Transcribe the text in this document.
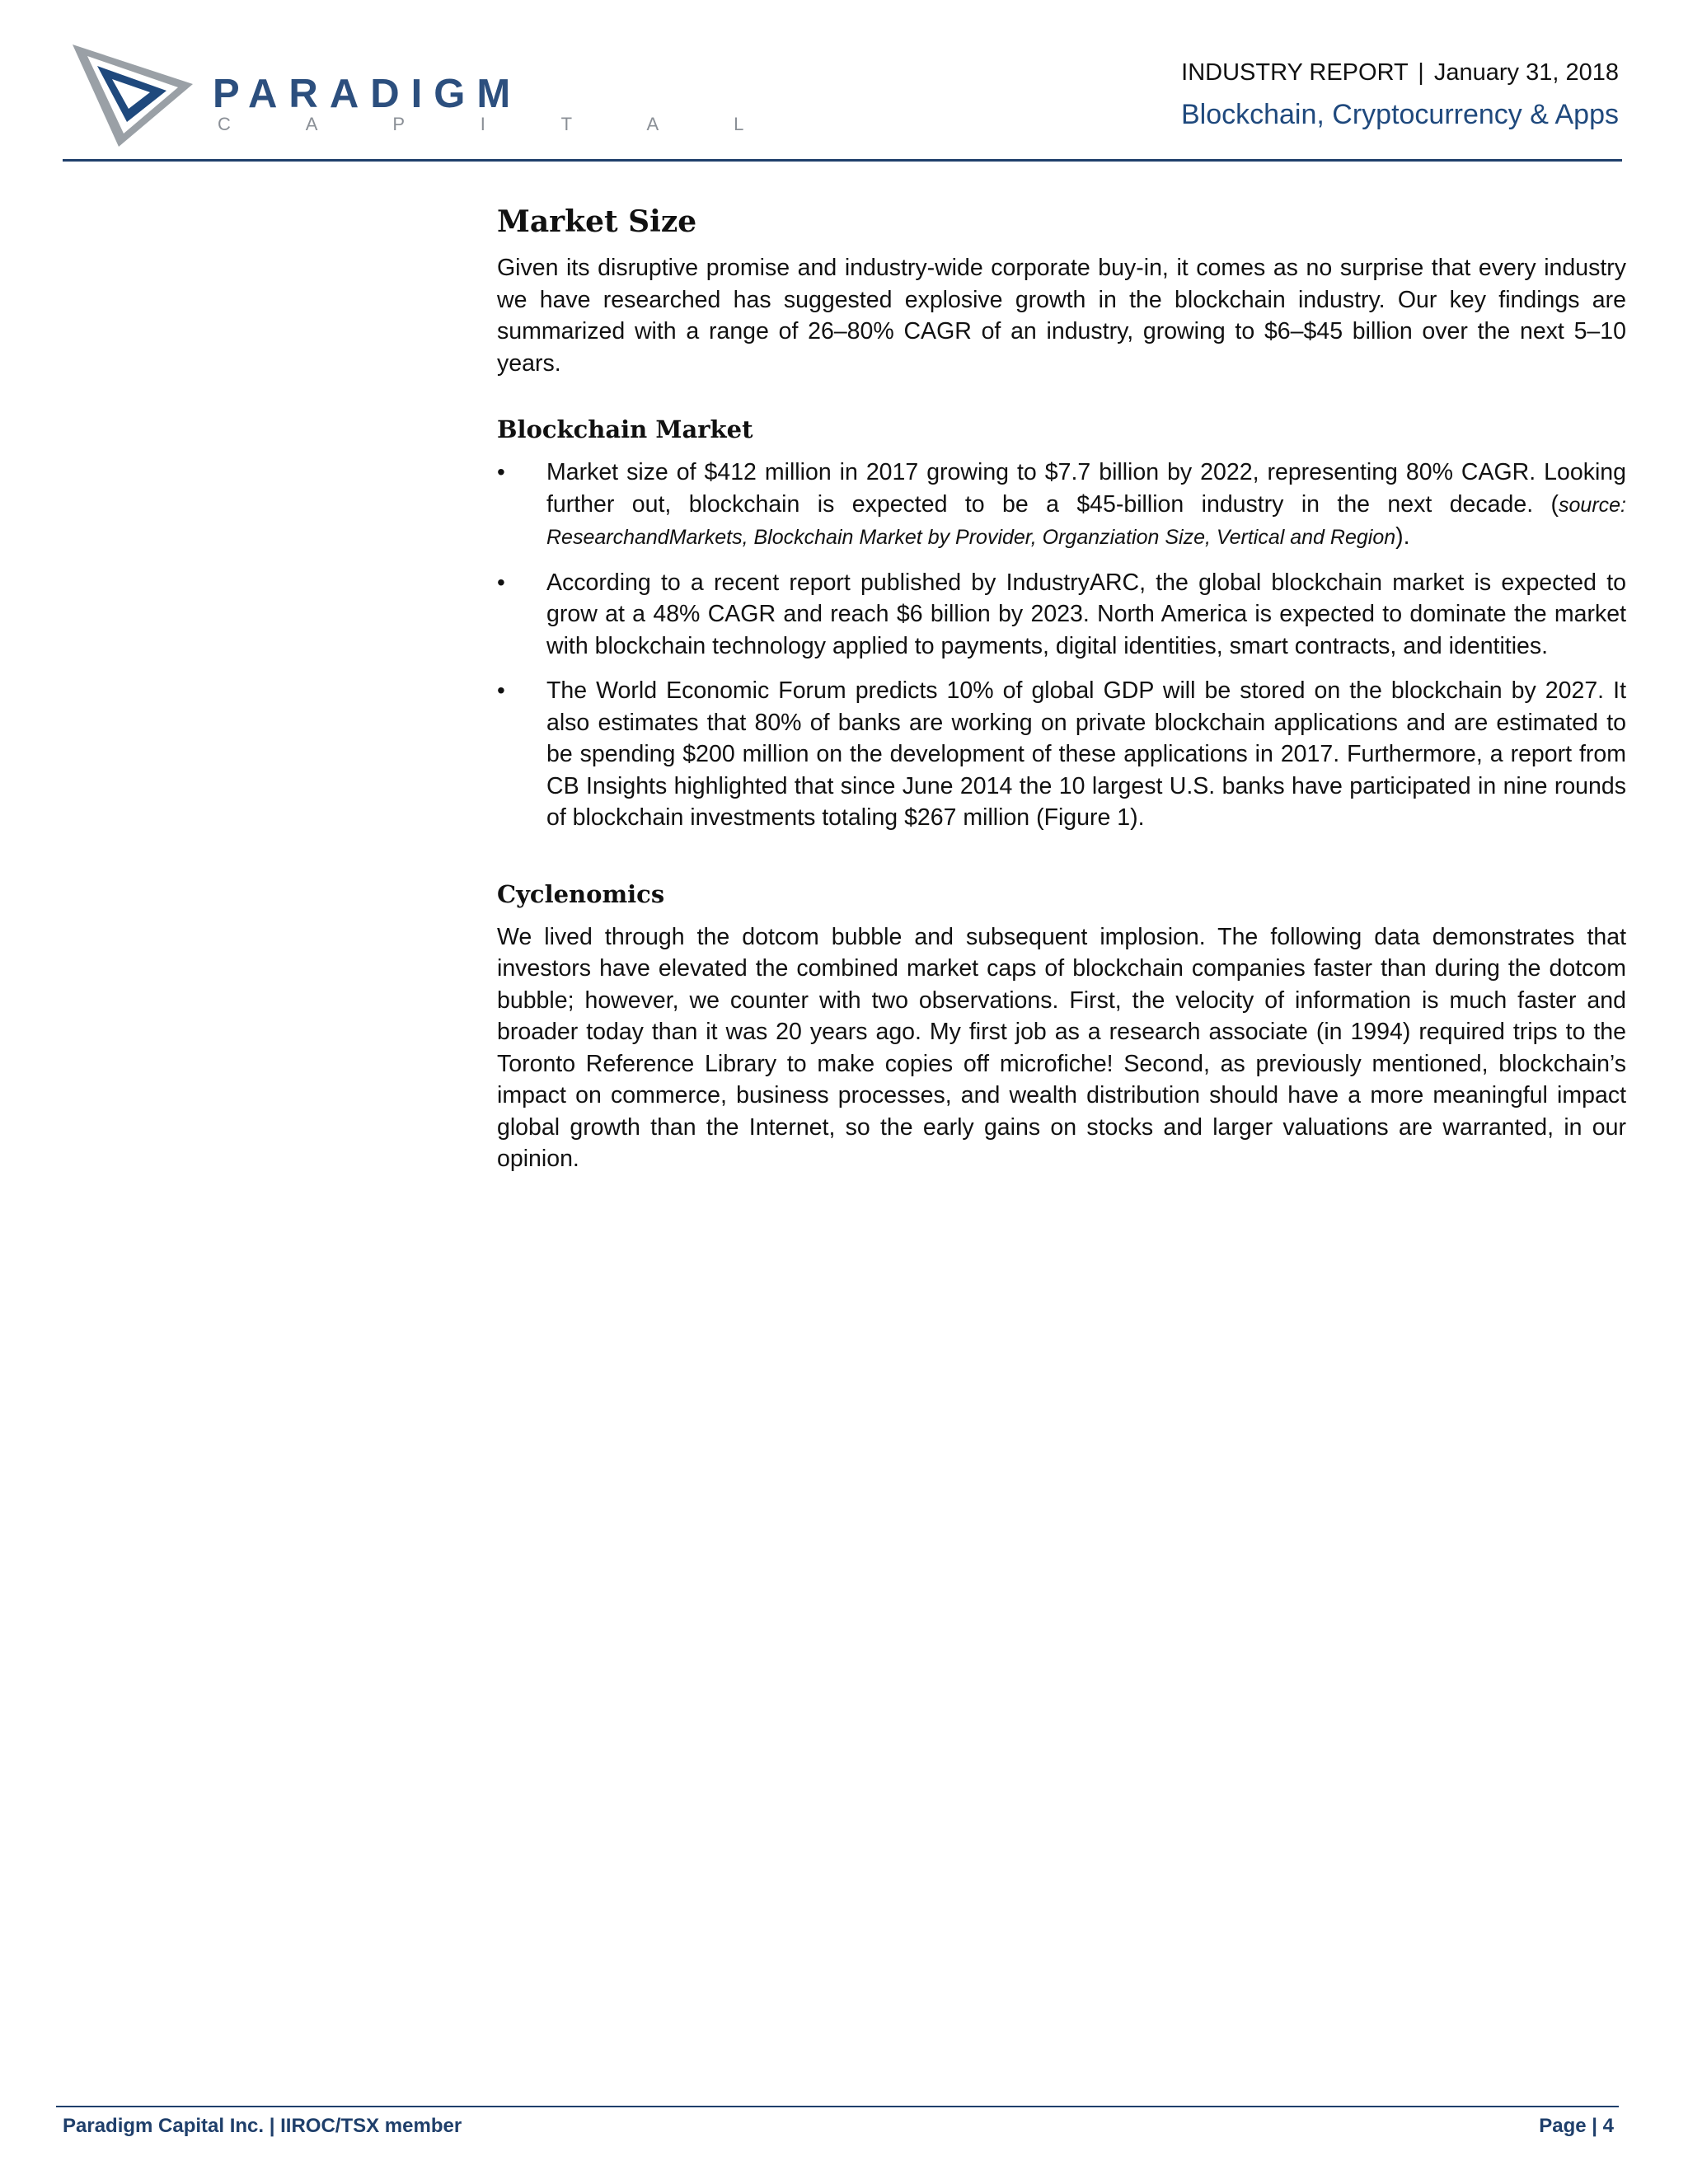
PARADIGM
C A P I T A L
INDUSTRY REPORT | January 31, 2018
Blockchain, Cryptocurrency & Apps
Market Size

Given its disruptive promise and industry-wide corporate buy-in, it comes as no surprise that every industry we have researched has suggested explosive growth in the blockchain industry. Our key findings are summarized with a range of 26–80% CAGR of an industry, growing to $6–$45 billion over the next 5–10 years.

Blockchain Market
• Market size of $412 million in 2017 growing to $7.7 billion by 2022, representing 80% CAGR. Looking further out, blockchain is expected to be a $45-billion industry in the next decade. (source: ResearchandMarkets, Blockchain Market by Provider, Organziation Size, Vertical and Region).
• According to a recent report published by IndustryARC, the global blockchain market is expected to grow at a 48% CAGR and reach $6 billion by 2023. North America is expected to dominate the market with blockchain technology applied to payments, digital identities, smart contracts, and identities.
• The World Economic Forum predicts 10% of global GDP will be stored on the blockchain by 2027. It also estimates that 80% of banks are working on private blockchain applications and are estimated to be spending $200 million on the development of these applications in 2017. Furthermore, a report from CB Insights highlighted that since June 2014 the 10 largest U.S. banks have participated in nine rounds of blockchain investments totaling $267 million (Figure 1).
Cyclenomics

We lived through the dotcom bubble and subsequent implosion. The following data demonstrates that investors have elevated the combined market caps of blockchain companies faster than during the dotcom bubble; however, we counter with two observations. First, the velocity of information is much faster and broader today than it was 20 years ago. My first job as a research associate (in 1994) required trips to the Toronto Reference Library to make copies off microfiche! Second, as previously mentioned, blockchain’s impact on commerce, business processes, and wealth distribution should have a more meaningful impact global growth than the Internet, so the early gains on stocks and larger valuations are warranted, in our opinion.

Paradigm Capital Inc. | IIROC/TSX member	Page | 4
